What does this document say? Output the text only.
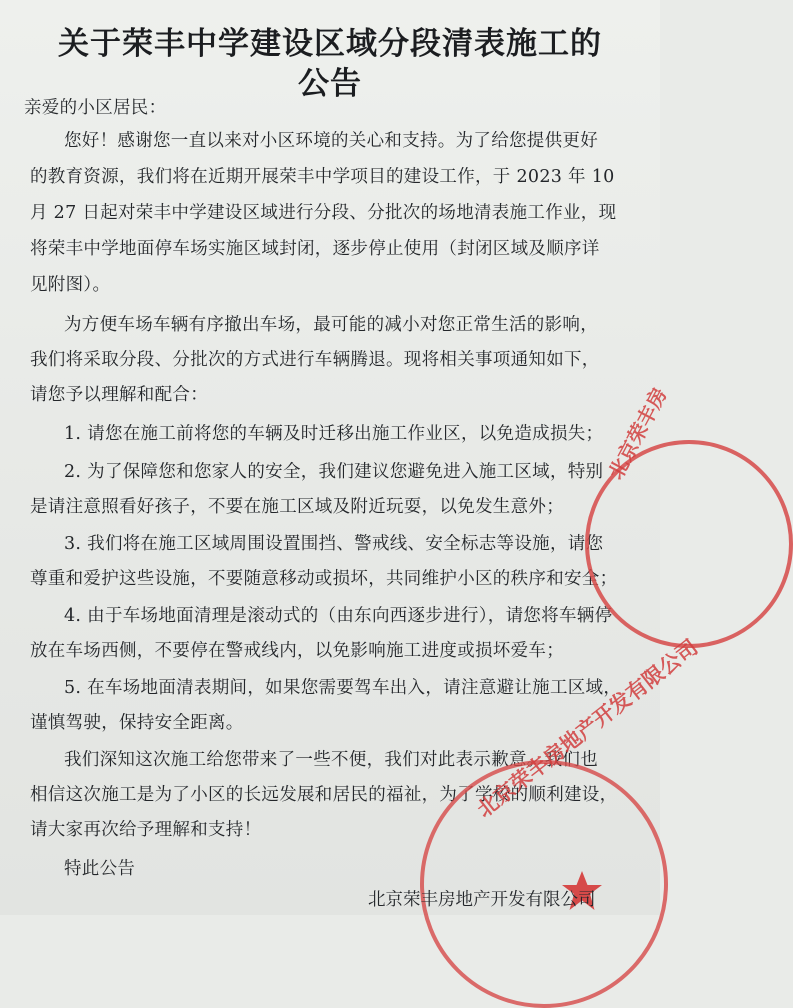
关于荣丰中学建设区域分段清表施工的
公告
亲爱的小区居民：
您好！感谢您一直以来对小区环境的关心和支持。为了给您提供更好
的教育资源，我们将在近期开展荣丰中学项目的建设工作，于 2023 年 10
月 27 日起对荣丰中学建设区域进行分段、分批次的场地清表施工作业，现
将荣丰中学地面停车场实施区域封闭，逐步停止使用（封闭区域及顺序详
见附图）。
为方便车场车辆有序撤出车场，最可能的减小对您正常生活的影响，
我们将采取分段、分批次的方式进行车辆腾退。现将相关事项通知如下，
请您予以理解和配合：
1. 请您在施工前将您的车辆及时迁移出施工作业区，以免造成损失；
2. 为了保障您和您家人的安全，我们建议您避免进入施工区域，特别
是请注意照看好孩子，不要在施工区域及附近玩耍，以免发生意外；
3. 我们将在施工区域周围设置围挡、警戒线、安全标志等设施，请您
尊重和爱护这些设施，不要随意移动或损坏，共同维护小区的秩序和安全；
4. 由于车场地面清理是滚动式的（由东向西逐步进行），请您将车辆停
放在车场西侧，不要停在警戒线内，以免影响施工进度或损坏爱车；
5. 在车场地面清表期间，如果您需要驾车出入，请注意避让施工区域，
谨慎驾驶，保持安全距离。
我们深知这次施工给您带来了一些不便，我们对此表示歉意。我们也
相信这次施工是为了小区的长远发展和居民的福祉，为了学校的顺利建设，
请大家再次给予理解和支持！
特此公告
北京荣丰房
北京荣丰房地产开发有限公司
北京荣丰房地产开发有限公司
